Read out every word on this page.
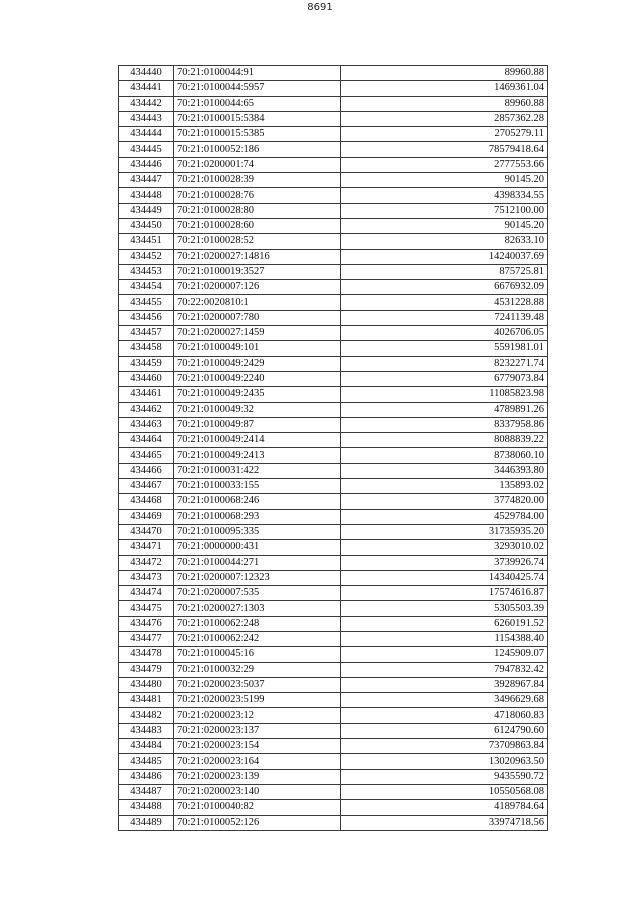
8691
434440	70:21:0100044:91	89960.88
434441	70:21:0100044:5957	1469361.04
434442	70:21:0100044:65	89960.88
434443	70:21:0100015:5384	2857362.28
434444	70:21:0100015:5385	2705279.11
434445	70:21:0100052:186	78579418.64
434446	70:21:0200001:74	2777553.66
434447	70:21:0100028:39	90145.20
434448	70:21:0100028:76	4398334.55
434449	70:21:0100028:80	7512100.00
434450	70:21:0100028:60	90145.20
434451	70:21:0100028:52	82633.10
434452	70:21:0200027:14816	14240037.69
434453	70:21:0100019:3527	875725.81
434454	70:21:0200007:126	6676932.09
434455	70:22:0020810:1	4531228.88
434456	70:21:0200007:780	7241139.48
434457	70:21:0200027:1459	4026706.05
434458	70:21:0100049:101	5591981.01
434459	70:21:0100049:2429	8232271.74
434460	70:21:0100049:2240	6779073.84
434461	70:21:0100049:2435	11085823.98
434462	70:21:0100049:32	4789891.26
434463	70:21:0100049:87	8337958.86
434464	70:21:0100049:2414	8088839.22
434465	70:21:0100049:2413	8738060.10
434466	70:21:0100031:422	3446393.80
434467	70:21:0100033:155	135893.02
434468	70:21:0100068:246	3774820.00
434469	70:21:0100068:293	4529784.00
434470	70:21:0100095:335	31735935.20
434471	70:21:0000000:431	3293010.02
434472	70:21:0100044:271	3739926.74
434473	70:21:0200007:12323	14340425.74
434474	70:21:0200007:535	17574616.87
434475	70:21:0200027:1303	5305503.39
434476	70:21:0100062:248	6260191.52
434477	70:21:0100062:242	1154388.40
434478	70:21:0100045:16	1245909.07
434479	70:21:0100032:29	7947832.42
434480	70:21:0200023:5037	3928967.84
434481	70:21:0200023:5199	3496629.68
434482	70:21:0200023:12	4718060.83
434483	70:21:0200023:137	6124790.60
434484	70:21:0200023:154	73709863.84
434485	70:21:0200023:164	13020963.50
434486	70:21:0200023:139	9435590.72
434487	70:21:0200023:140	10550568.08
434488	70:21:0100040:82	4189784.64
434489	70:21:0100052:126	33974718.56
